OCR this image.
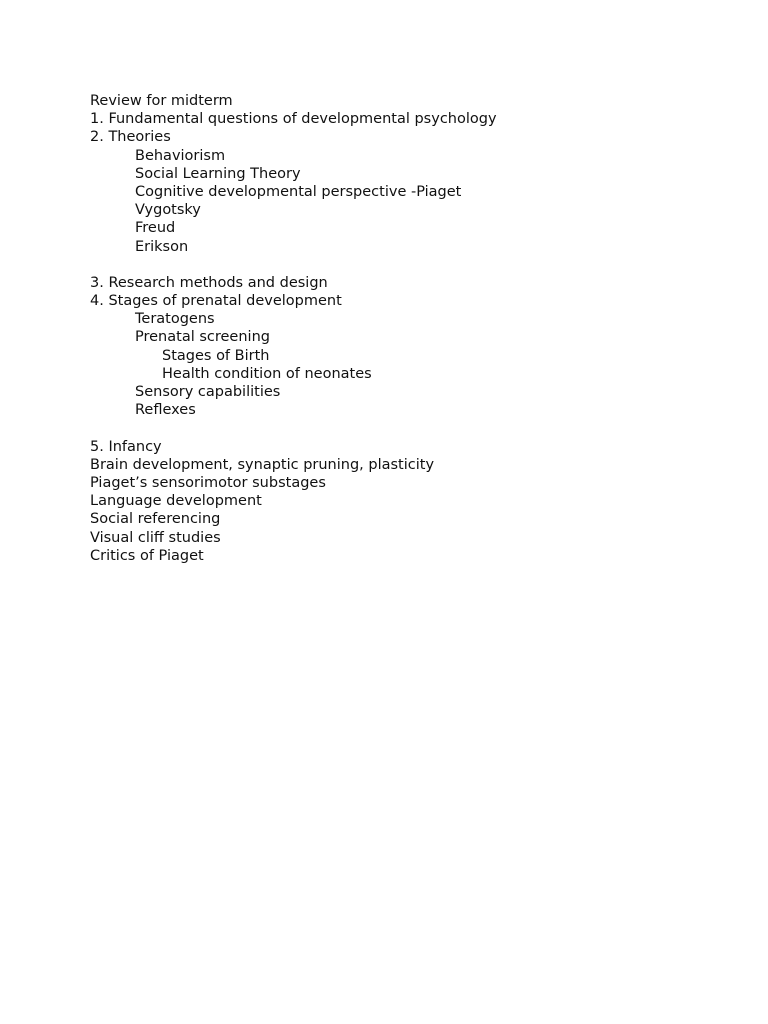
Review for midterm
1. Fundamental questions of developmental psychology
2. Theories
Behaviorism
Social Learning Theory
Cognitive developmental perspective -Piaget
Vygotsky
Freud
Erikson
3. Research methods and design
4. Stages of prenatal development
Teratogens
Prenatal screening
Stages of Birth
Health condition of neonates
Sensory capabilities
Reflexes
5. Infancy
Brain development, synaptic pruning, plasticity
Piaget’s sensorimotor substages
Language development
Social referencing
Visual cliff studies
Critics of Piaget
